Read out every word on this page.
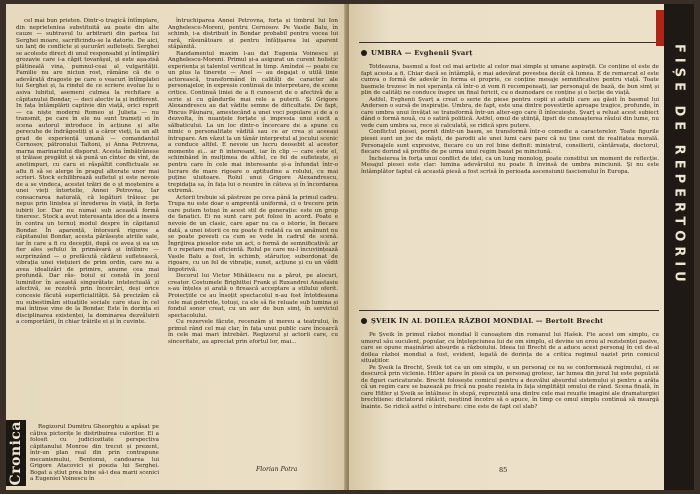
cel mai bun prieten. Dintr-o tragică întîmplare, din neprieteniea substituită au poate din alte cauze — subtravul lu arbitrarii din partea lui Serghei moare, sacrificindu-se la datorie. De aici, un lanț de conflicte și șucurări sufletești. Serghei se acoleste direct di unul responsabil și întîmplări grozavie care i-a căpit tovarăşul, și este așa-zisă plătineală vina, pumnul-ceai al vulgarității. Familie nu are niciun rost, rămâne că de o adevărată dragoste pe care o veacuri întîmplatei lui Serghei și, la rindul de ce scriere evolue lu o asiva lubitul, asemeni culmea la rechitare a căpitanului Bondar, — deci alectiv la și indiferent. In fața întâmplării captivie din viață, orici reprit — ca niște moderni Romeo și Julieta — nu transmit, pe care în ele nu sunt trameți ei în scena autorul introduce în acțiune și alte perecuhe de îndrăgostiți și a căror vieți, la un alt grad de experiență umană — comandantul Cernosov, pătronului Taltoni, și Anna Petrovna, marna marinariului disporut. Acesta îmbătrânese și trăiase pregătit și să pună un cîntec de vînt, de anotimpuri, cu caru ei răspâltit conflictuale se aflu fi să se alerge în pragul alterate unor mai scrieri. Stock echilibrează sufletul și este nevoie de a se vindeca, acestei trăiri de o șt moștenire a unei vieți întortelie, Annei Petrovna, Iar consacrarea naturală, că legături trăiesc pe nepus prin liniștea și înrederea în viață, în forța iubirii lor. Dar nu numai sub această formă tineresc. Stock a avut interesanta idee de a insera în contra un ternuț modul despre în căpitanul Bondar. În aparență, întorsură riguros a căpitanului Bondar, acesta părăsește atriile sale, iar în care a fi cu decepții, după ce avea și ea un fier ales șefului în primăvară și întîlnire — surprinzând — o prefăcută cădărui sufletească, vibrația unei viețuieri de prim ordin, care nu a avea idealizări de primire, anume cea mai profundă. Dar răs- boiul ei constă în jocul luminilor în această singurătate intelectuală și afectivă, se rezolvă prin încercări, deși orice concesie făcută superficialității. Să precizăm că nu subestimăm situațiile sociale care stau în cel mai întinse vine de la Bondar. Este în dorința ei disciplinarea existenței, la dominarea dezvăluirii a comportării, în chiar trăirile ei și în cuvinte.

Regizorul Dumitru Gheorghiu a apăsat pe câțiva pictorițe le distribuirea culorilor. El a folosit cu judiciozitate perspectiva căpitanului Monroe din trecut și prezent, într-un plan real din prin contrapune mecanismului, Bentonui, candoarea lui Grigore Atacovici și poezia lui Serghei. Bogat a știut prea bine să-i dea marii scenici a Eugeniei Voinescu în

întruchiparea Annei Petrovna, forța și timbrul lui Ion Anghelescu-Moreni, pentru Cernosov. Pe Vasile Balu, în schimb, i-a distribuit în Bondar probabil pentru vocea lui rară, răsunătoare și pentru înfățișarea lui aparent stăpânită.

Randamentul maxim l-au dat Eugenia Voinescu și Anghelescu-Moreni. Primul și-a asigurat un curent holistic experiența și talentul verificat în timp. Amîndoi — poate cu un plus la tinerețe — Anel — au degajat o utilă linie actorească, transformând în calități de caracter ale personajelor, în expresie continuă de interpretare, de scene critice. Continuă liniei de a fi cunoscut de o afectivă de a scrie și cu gândurile mai rele a puterii. Și Grigore Alexandrescu au dat vădite semne de dificultate. De fapt, Pincus Păunaru, amestecând a unei voci populare și de a o dezvolta, în nuanțele forțate și impresia unui sucit a sălbaticului. La un loc dintr-o încercare de a spune cu nimic o personalitate vădită sau ce ar crea și aceeași întrupare. Am văzut la un tânăr interpretul al jocului scenic a conduce altfel. E nevoie un lucru deosebit al acestor momente și... ar fi interesant, iar în clip — care este el, schimbând în mulțimea de altfel, ce fel de sufletește, și pentru care în cele mai interesante și-a înfundat într-o lucrare de mare rigoare o aptitudine a rolului, cu mai puține uluitoare. Rolul unui Grigore Alexandrescu, trepidația sa, în fața lui o reunire în câteva și în încordarea extremă.

Actorii trebuie să păstreze pe ceva până la primul cadru. Trupa nu este doar o amprentă uniformă, ci o trecere prin care putem totuși în acest stil de generație: este un grup de fanatici. Ei nu sunt care pot folosi în acord. Poate e nevoie de un clasic, care apar nu ca o istorie, în fiecare dată, a unei istorii ce nu poate fi redată ca un amănunt nu se poate povesti ca cum se vede în cadrul de scenă. Îngrijirea pieselor este un act, o formă de semnificativă: ar fi o repetare mai eficientă. Rolul pe care nu-l încuviințează Vasile Balu a fost, în schimb, stăruitor, subordonat de rigoare, cu un fel de vibrație, sunet, acțiune și cu un vădit împotrivă.

Decorul lui Victor Mihăilescu nu a părut, pe alocuri, creator. Costumele Brighittei Frank și Ruxandrei Anastasiu s-au înțeles și arată o firească acceptare a stilului oferit. Proiecțiile ce au însoțit spectacolul n-au fost întotdeauna cele mai potrivite, totuși, ca ele să fie reluate sub lumina și fondul sonor creat, cu un aer de bun simț, în serviciul spectacolului.

Cu rezervele făcute, recenzăm și mereu a teatrului, în primul rând cel mai clar, în fața unui public care încearcă în cele mai mari întrebări. Regizorul și actorii care, cu sinceritate, au apreciat prin efortul lor, mai...

Florian Potra
Cronica
UMBRA — Evghenii Șvarț

Totdeauna, basmul a fost cel mai artistic al celor mai simple și umane aspirații. Ce conține el este de fapt acesta a fi. Chiar dacă se întâmplă, e mai adevărat povestea decât că lumea. E de remarcat el este cumva o formă de adevăr în forma ei proprie, ce conține mesaje semnificative pentru viață. Toate basmele trezesc în noi speranța că într-o zi vom fi recompensați, iar personajul de bază, de bun simț și plin de calități ne conduce înspre un final fericit, cu o deznodare ce conține și o lecție de viață.

Astfel, Evghenii Șvarț a creat o serie de piese pentru copii și adulți care au găsit în basmul lui Andersen o sursă de inspirație. Umbra, de fapt, este una dintre povestirile aproape tragice, profunde, în care umbra unui învățat se transformă într-un alter-ego care îl înlocuiește. Șvarț a reluat acest subiect dând o formă nouă, cu o satiră politică. Astfel, omul de știință, lipsit de cunoașterea răului din lume, nu vede cum umbra sa, rece și calculată, se ridică spre putere.

Conflictul piesei, pornit dintr-un basm, se transformă într-o comedie a caracterelor. Toate figurile piesei sunt un joc de măști, de parodii ale unei lumi care pare că nu ține cont de realitatea morală. Personajele sunt expresive, fiecare cu un rol bine definit: ministrul, consilierii, cântăreața, doctorul, fiecare dorind să profite de pe urma unui regim bazat pe minciună.

Încheierea în forța unui conflict de idei, ca un lung monolog, poate constitui un moment de reflecție. Mesajul piesei este clar: lumina adevărului nu poate fi învinsă de umbra minciunii. Și nu este întâmplător faptul că această piesă a fost scrisă în perioada ascensiunii fascismului în Europa.

ȘVEIK ÎN AL DOILEA RĂZBOI MONDIAL — Bertolt Brecht

Pe Șveik în primul război mondial îl cunoaștem din romanul lui Hašek. Fie acest om simplu, cu umorul său suculent, popular, cu înțelepciunea lui de om simplu, el devine un erou al rezistenței pasive, care se opune mașinăriei absurde a războiului. Ideea lui Brecht de a aduce acest personaj în cel de-al doilea război mondial a fost, evident, legată de dorința de a critica regimul nazist prin comicul situațiilor.

Pe Șveik la Brecht, Șveik tot ca un om simplu, e un personaj ce nu se conformează regimului, ci se descurcă prin viclenie. Hitler apare în piesă ca un personaj grotesc, iar lumea din jurul lui este populată de figuri caricaturale. Brecht folosește comicul pentru a dezvălui absurdul sistemului și pentru a arăta că un regim care se bazează pe frică nu poate rezista în fața simplității omului de rând. Scena finală, în care Hitler și Șveik se întâlnesc în stepă, reprezintă una dintre cele mai reușite imagini ale dramaturgiei brechtiene: dictatorul rătăcit, neștiind încotro să o apuce, în timp ce omul simplu continuă să meargă înainte. Se ridică astfel o întrebare: cine este de fapt cel slab?

85
FIȘE DE REPERTORIU
